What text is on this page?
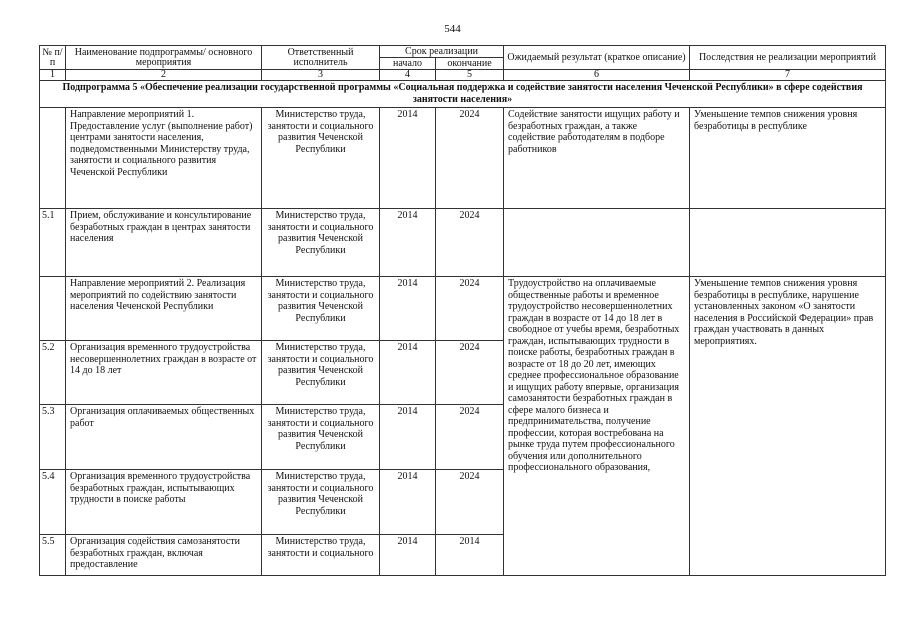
544
№ п/п	Наименование подпрограммы/ основного мероприятия	Ответственный исполнитель	Срок реализации		Ожидаемый результат (краткое описание)	Последствия не реализации мероприятий
			начало	окончание		
1	2	3	4	5	6	7
Подпрограмма 5 «Обеспечение реализации государственной программы «Социальная поддержка и содействие занятости населения Чеченской Республики» в сфере содействия занятости населения»						
	Направление мероприятий 1. Предоставление услуг (выполнение работ) центрами занятости населения, подведомственными Министерству труда, занятости и социального развития Чеченской Республики	Министерство труда, занятости и социального развития Чеченской Республики	2014	2024	Содействие занятости ищущих работу и безработных граждан, а также содействие работодателям в подборе работников	Уменьшение темпов снижения уровня безработицы в республике
5.1	Прием, обслуживание и консультирование безработных граждан в центрах занятости населения	Министерство труда, занятости и социального развития Чеченской Республики	2014	2024		
	Направление мероприятий 2. Реализация мероприятий по содействию занятости населения Чеченской Республики	Министерство труда, занятости и социального развития Чеченской Республики	2014	2024	Трудоустройство на оплачиваемые общественные работы и временное трудоустройство несовершеннолетних граждан в возрасте от 14 до 18 лет в свободное от учебы время, безработных граждан, испытывающих трудности в поиске работы, безработных граждан в возрасте от 18 до 20 лет, имеющих среднее профессиональное образование и ищущих работу впервые, организация самозанятости безработных граждан в сфере малого бизнеса и предпринимательства, получение профессии, которая востребована на рынке труда путем профессионального обучения или дополнительного профессионального образования,	Уменьшение темпов снижения уровня безработицы в республике, нарушение установленных законом «О занятости населения в Российской Федерации» прав граждан участвовать в данных мероприятиях.
5.2	Организация временного трудоустройства несовершеннолетних граждан в возрасте от 14 до 18 лет	Министерство труда, занятости и социального развития Чеченской Республики	2014	2024		
5.3	Организация оплачиваемых общественных работ	Министерство труда, занятости и социального развития Чеченской Республики	2014	2024		
5.4	Организация временного трудоустройства безработных граждан, испытывающих трудности в поиске работы	Министерство труда, занятости и социального развития Чеченской Республики	2014	2024		
5.5	Организация содействия самозанятости безработных граждан, включая предоставление	Министерство труда, занятости и социального	2014	2014		
